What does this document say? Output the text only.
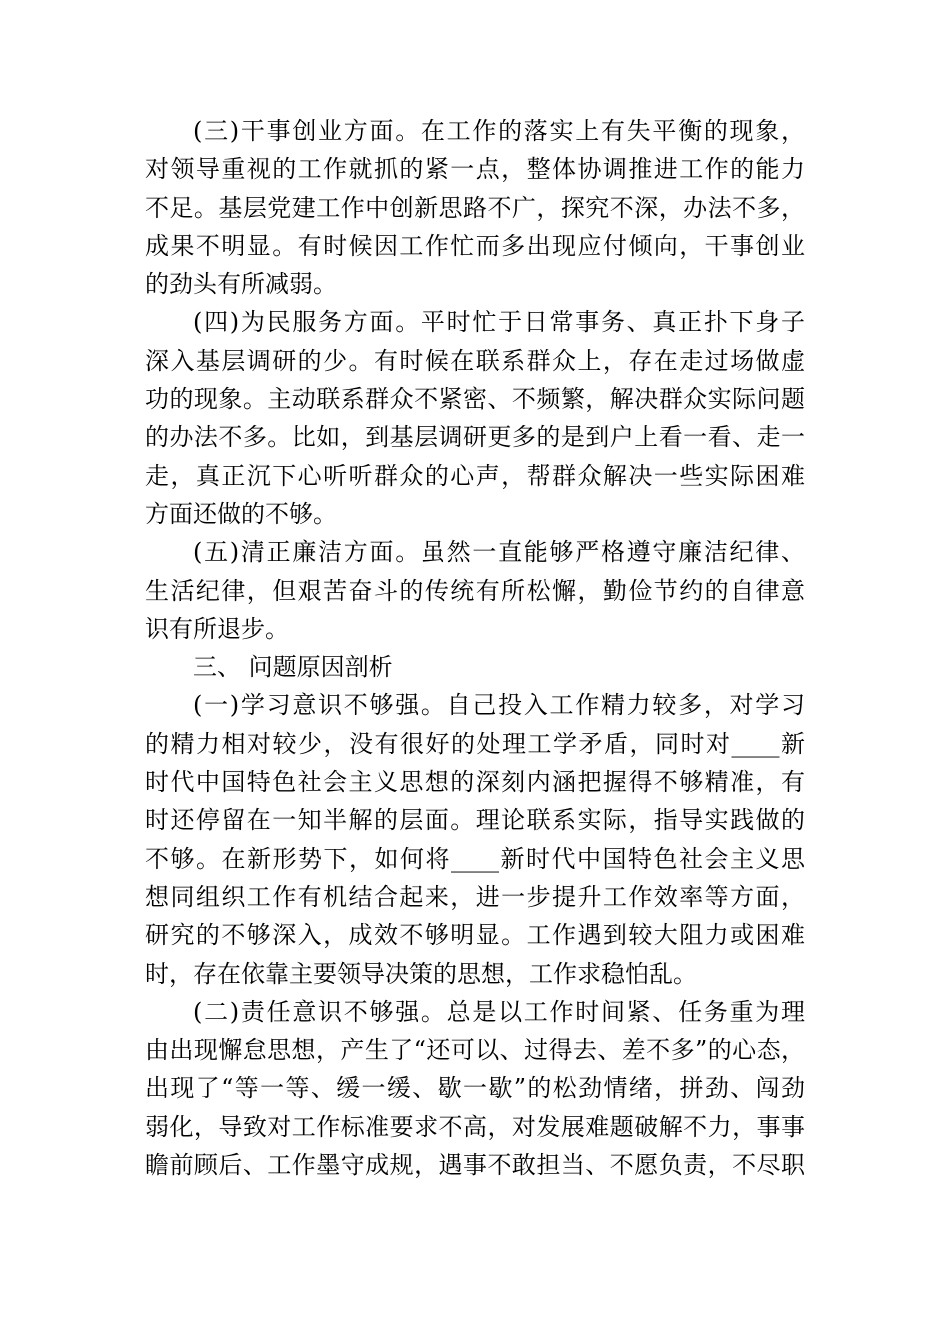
(三)干事创业方面。在工作的落实上有失平衡的现象，
对领导重视的工作就抓的紧一点，整体协调推进工作的能力
不足。基层党建工作中创新思路不广，探究不深，办法不多，
成果不明显。有时候因工作忙而多出现应付倾向，干事创业
的劲头有所减弱。
(四)为民服务方面。平时忙于日常事务、真正扑下身子
深入基层调研的少。有时候在联系群众上，存在走过场做虚
功的现象。主动联系群众不紧密、不频繁，解决群众实际问题
的办法不多。比如，到基层调研更多的是到户上看一看、走一
走，真正沉下心听听群众的心声，帮群众解决一些实际困难
方面还做的不够。
(五)清正廉洁方面。虽然一直能够严格遵守廉洁纪律、
生活纪律，但艰苦奋斗的传统有所松懈，勤俭节约的自律意
识有所退步。
三、 问题原因剖析
(一)学习意识不够强。自己投入工作精力较多，对学习
的精力相对较少，没有很好的处理工学矛盾，同时对____新
时代中国特色社会主义思想的深刻内涵把握得不够精准，有
时还停留在一知半解的层面。理论联系实际，指导实践做的
不够。在新形势下，如何将____新时代中国特色社会主义思
想同组织工作有机结合起来，进一步提升工作效率等方面，
研究的不够深入，成效不够明显。工作遇到较大阻力或困难
时，存在依靠主要领导决策的思想，工作求稳怕乱。
(二)责任意识不够强。总是以工作时间紧、任务重为理
由出现懈怠思想，产生了“还可以、过得去、差不多”的心态，
出现了“等一等、缓一缓、歇一歇”的松劲情绪，拼劲、闯劲
弱化，导致对工作标准要求不高，对发展难题破解不力，事事
瞻前顾后、工作墨守成规，遇事不敢担当、不愿负责，不尽职
